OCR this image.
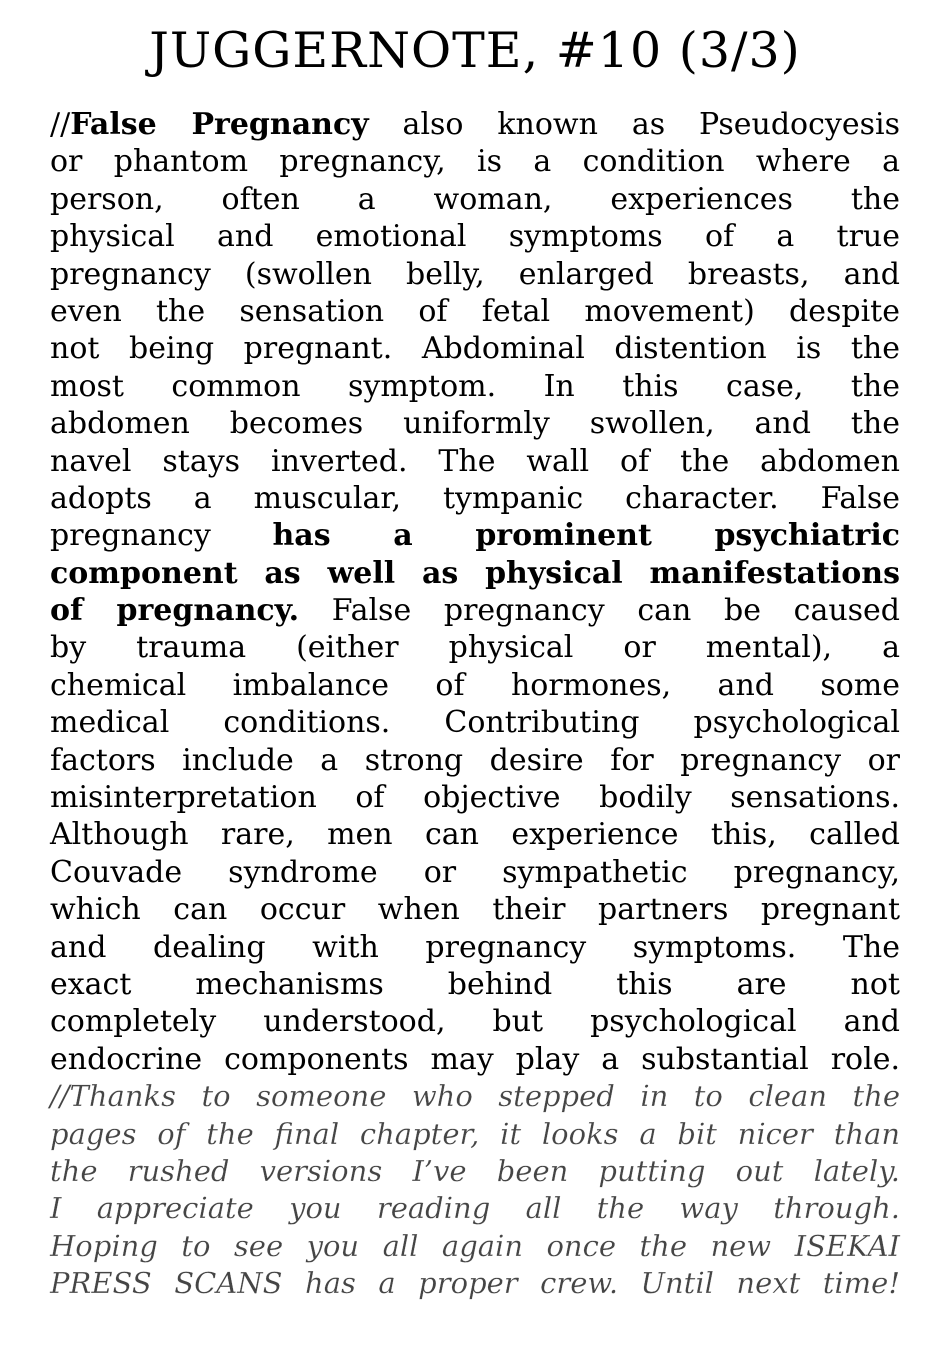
JUGGERNOTE, #10 (3/3)
//False Pregnancy also known as Pseudocyesis
or phantom pregnancy, is a condition where a
person, often a woman, experiences the
physical and emotional symptoms of a true
pregnancy (swollen belly, enlarged breasts, and
even the sensation of fetal movement) despite
not being pregnant. Abdominal distention is the
most common symptom. In this case, the
abdomen becomes uniformly swollen, and the
navel stays inverted. The wall of the abdomen
adopts a muscular, tympanic character. False
pregnancy has a prominent psychiatric
component as well as physical manifestations
of pregnancy. False pregnancy can be caused
by trauma (either physical or mental), a
chemical imbalance of hormones, and some
medical conditions. Contributing psychological
factors include a strong desire for pregnancy or
misinterpretation of objective bodily sensations.
Although rare, men can experience this, called
Couvade syndrome or sympathetic pregnancy,
which can occur when their partners pregnant
and dealing with pregnancy symptoms. The
exact mechanisms behind this are not
completely understood, but psychological and
endocrine components may play a substantial role.
//Thanks to someone who stepped in to clean the
pages of the final chapter, it looks a bit nicer than
the rushed versions I’ve been putting out lately.
I appreciate you reading all the way through.
Hoping to see you all again once the new ISEKAI
PRESS SCANS has a proper crew. Until next time!
